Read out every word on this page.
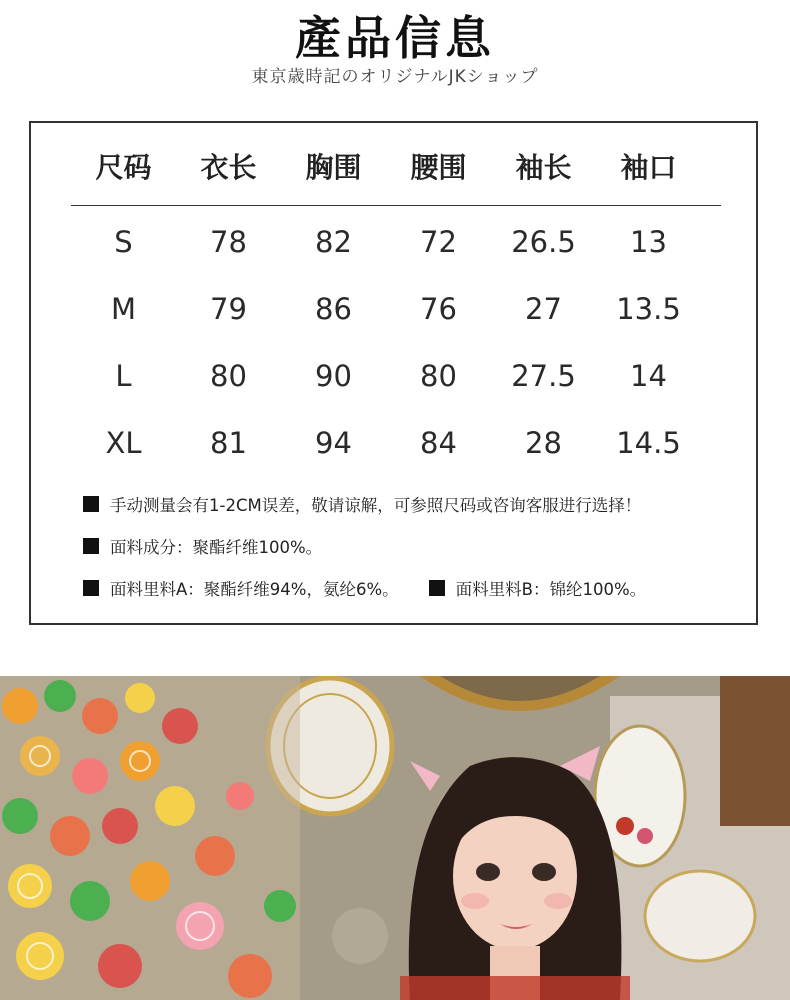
產品信息
東京歳時記のオリジナルJKショップ
尺码	衣长	胸围	腰围	袖长	袖口
S	78	82	72	26.5	13
M	79	86	76	27	13.5
L	80	90	80	27.5	14
XL	81	94	84	28	14.5
手动测量会有1-2CM误差，敬请谅解，可参照尺码或咨询客服进行选择！
面料成分：聚酯纤维100%。
面料里料A：聚酯纤维94%，氨纶6%。	面料里料B：锦纶100%。
